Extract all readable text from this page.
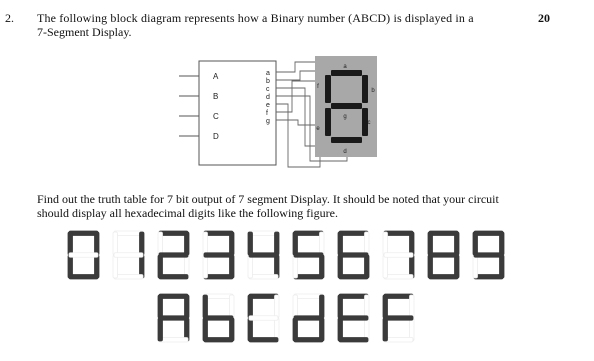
2. The following block diagram represents how a Binary number (ABCD) is displayed in a	20
7-Segment Display.
A
B
C
D
a
b
c
d
e
f
g
a
b
c
d
e
f
g
Find out the truth table for 7 bit output of 7 segment Display. It should be noted that your circuit
should display all hexadecimal digits like the following figure.
